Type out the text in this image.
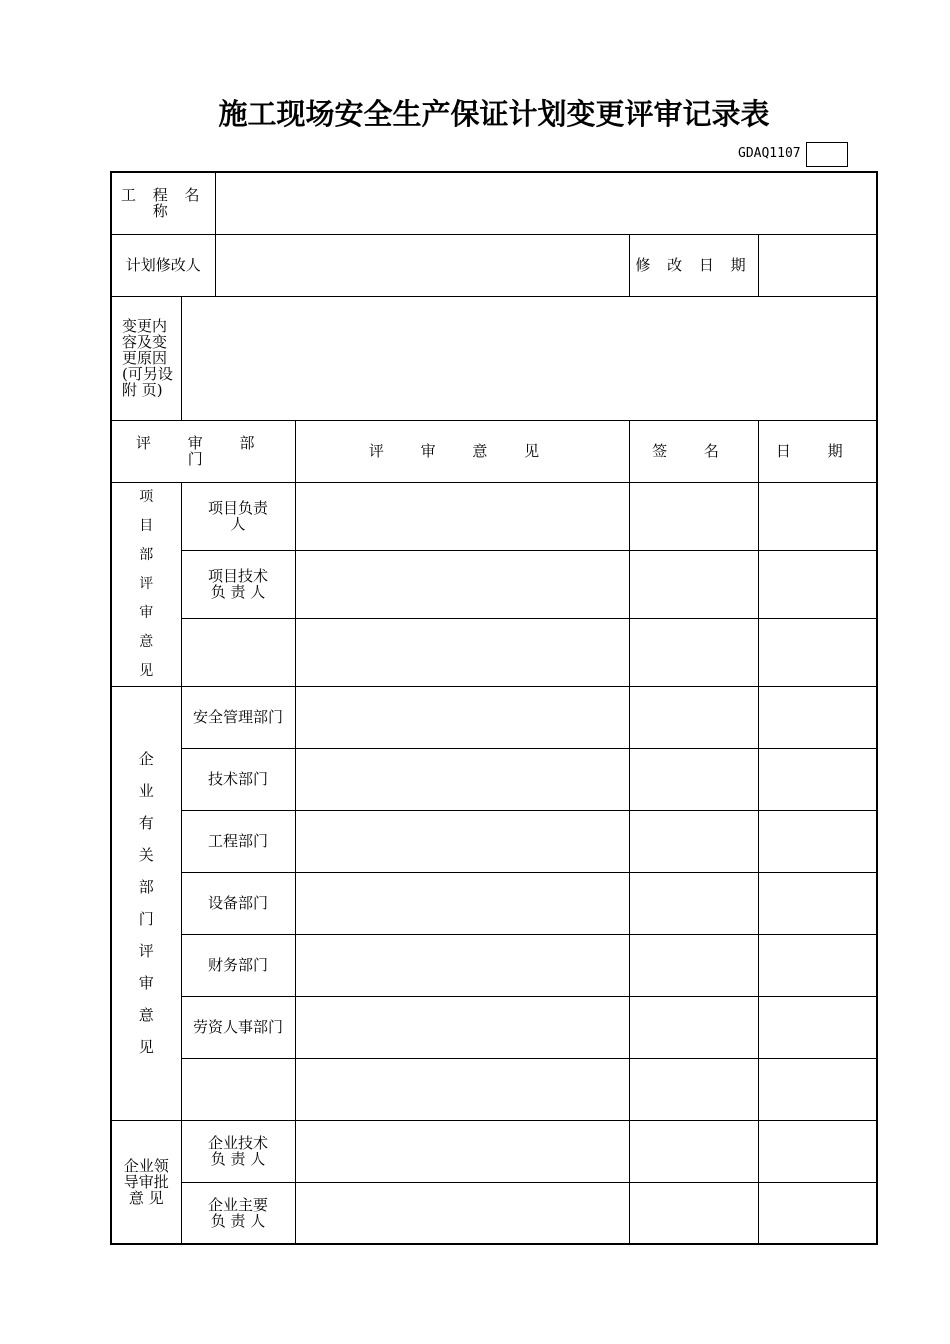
施工现场安全生产保证计划变更评审记录表
GDAQ1107
工 程 名 称					
计划修改人				修 改 日 期	

变更内容及变更原因(可另设附 页)					

评 审 部 门			评 审 意 见	签 名	日 期
项目部评审意见	项目负责人				

	项目技术负 责 人				

企业有关部门评审意见	安全管理部门				
	技术部门				
	工程部门				
	设备部门				
	财务部门				
	劳资人事部门				

企业领导审批意 见	企业技术负 责 人				

	企业主要负 责 人				
